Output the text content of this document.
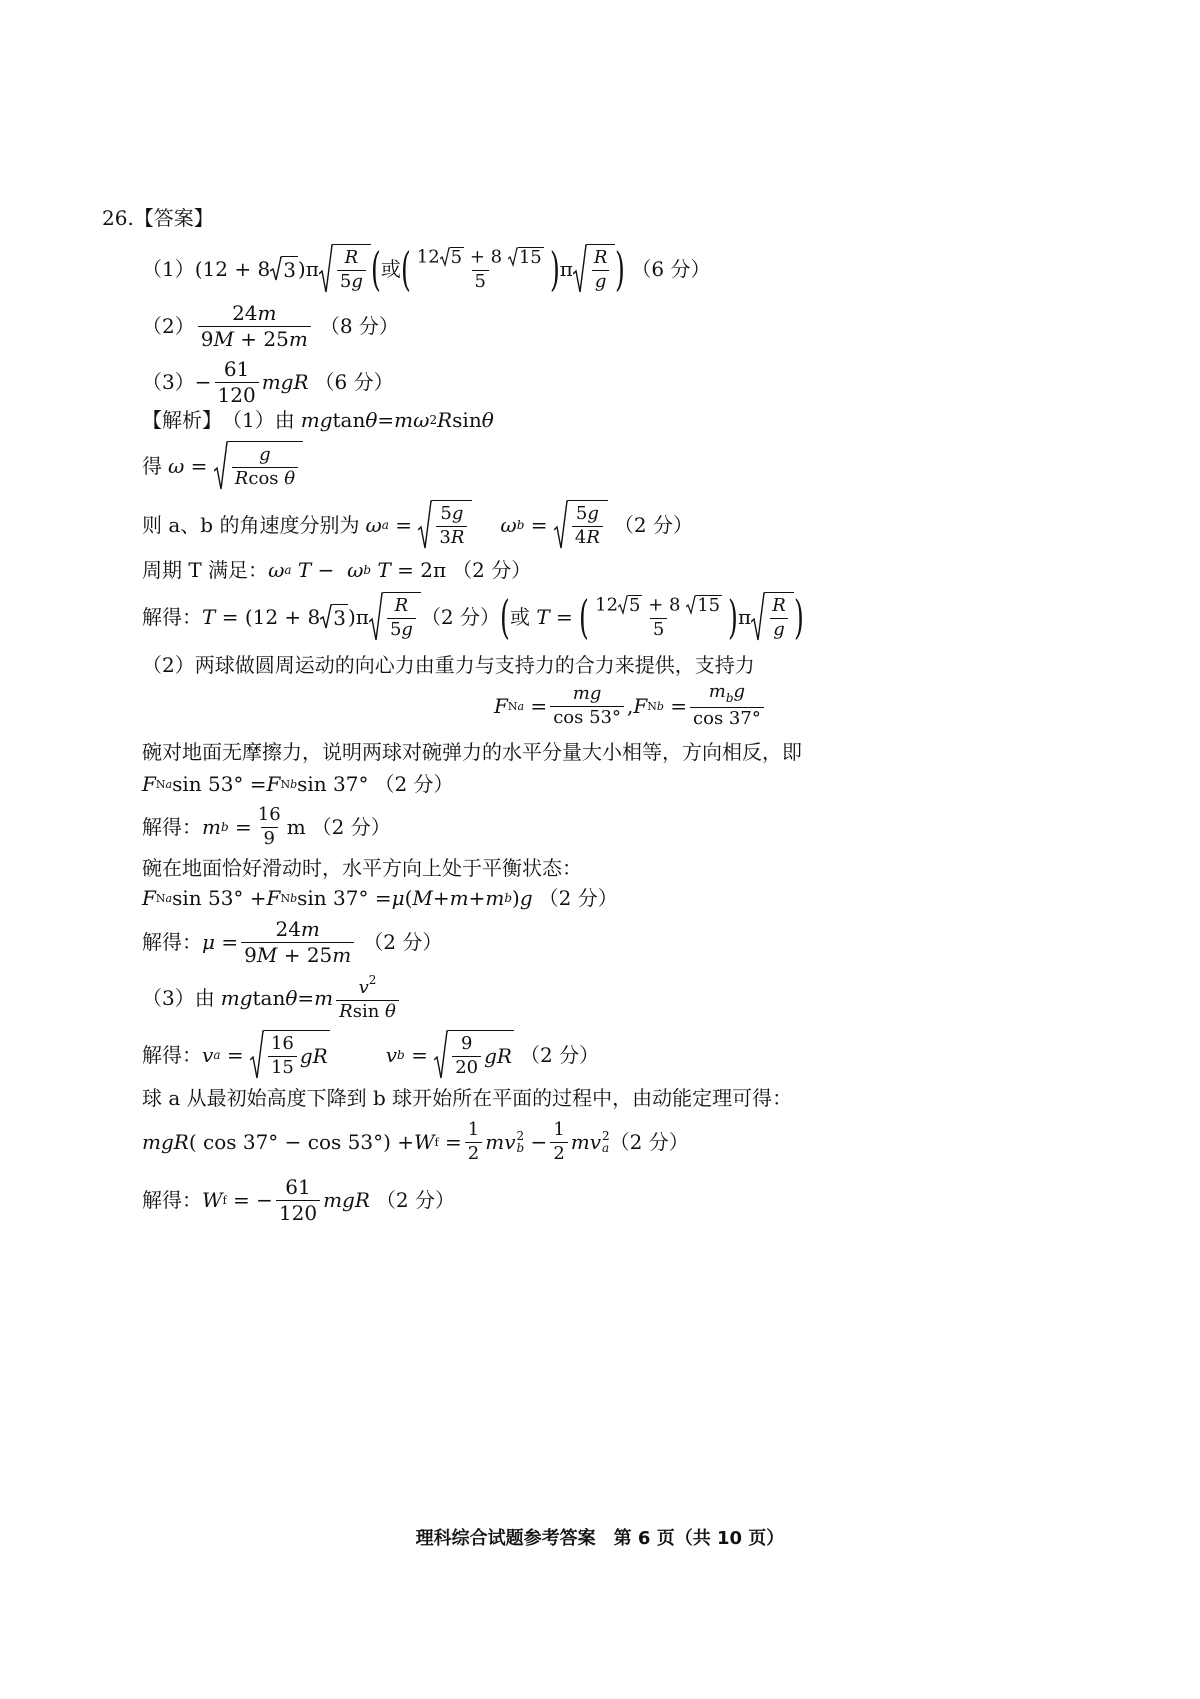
26.【答案】
（1） (12 + 8 3 )$\pi \frac{R}{5g}$ ( 或 ( $\frac{12 5 + 8 15}{5}$ ) π $\frac{R}{g}$ ) （6 分）
$(2) \frac{24m}{9M + 25m} (8$ 分）
$(3) - \frac{61}{120}$ mgR （6 分）
【解析】 （1）由 mg tan θ = mω 2 R sin θ
得 $\omega = \frac{g}{\text{Rcos θ}}$
则 a、b 的角速度分别为 ω $a = \frac{5g}{3R}$ ω $b = \frac{5g}{4R} (2$ 分）
周期 T 满足： ω a
T − ω b
T = 2π （2 分）
解得： T = (12 + 8 3 )$\pi \frac{R}{5g} (2$ 分） ( 或
T = ( $\frac{12 5 + 8 15}{5}$ ) π $\frac{R}{g}$ )
（2）两球做圆周运动的向心力由重力与支持力的合力来提供，支持力
F $Na = \frac{mg}{\cos 53^\circ}$ , F $Nb = \frac{m_bg}{\cos 37^\circ}$
碗对地面无摩擦力，说明两球对碗弹力的水平分量大小相等，方向相反，即
F Na sin 53° = F Nb sin 37° （2 分）
解得： m $b = \frac{16}{9}$ m （2 分）
碗在地面恰好滑动时，水平方向上处于平衡状态：
F Na sin 53° + F Nb sin 37° = μ ( M + m + m b ) g （2 分）
解得： $\mu = \frac{24m}{9M + 25m} (2$ 分）
（3）由 mg tan θ = m $\frac{v^2}{\text{Rsin θ}}$
解得： v $a = \frac{16}{15}$ gR	v $b = \frac{9}{20}$ gR （2 分）
球 a 从最初始高度下降到 b 球开始所在平面的过程中，由动能定理可得：
mgR ( cos 37° − cos 53°) + W $f = \frac{1}{2}$ mv 2
$b - \frac{1}{2}$ mv 2
a （2 分）
解得： W f = − $\frac{61}{120}$ mgR （2 分）
理科综合试题参考答案　第 6 页（共 10 页）
